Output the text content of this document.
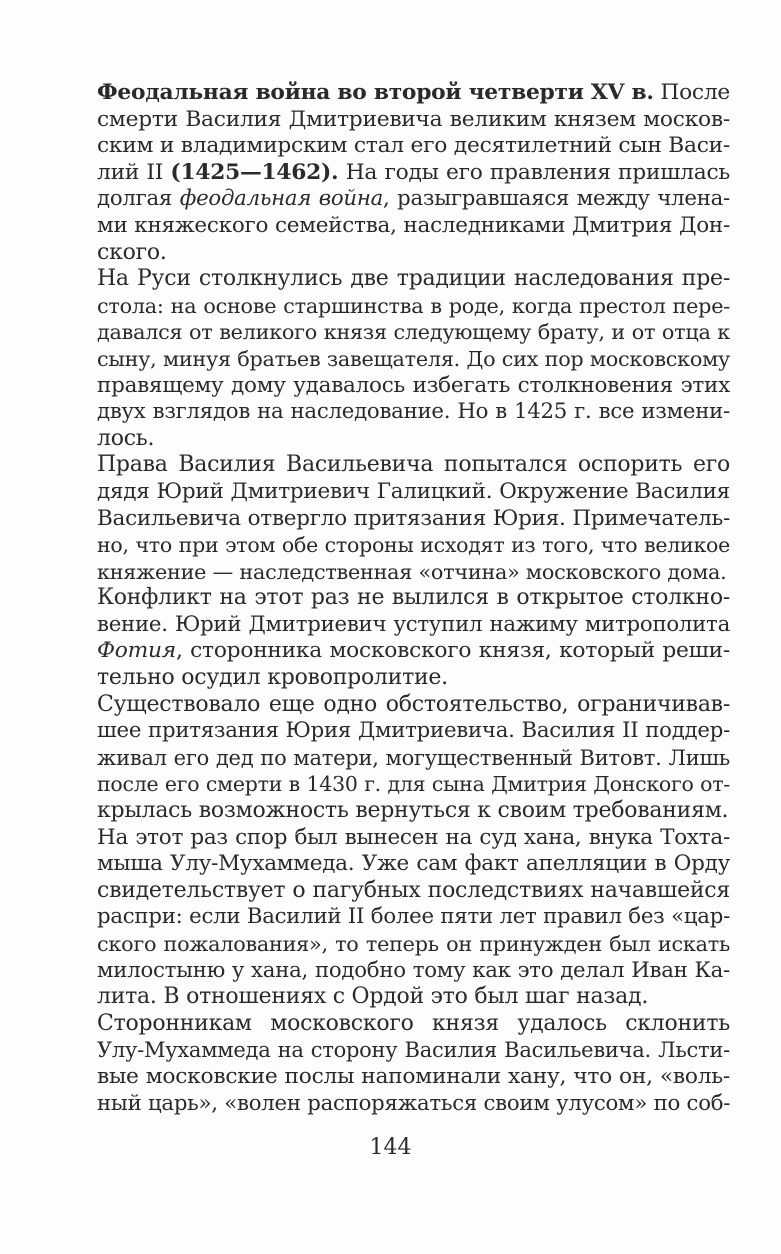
Феодальная война во второй четверти XV в. После
смерти Василия Дмитриевича великим князем москов-
ским и владимирским стал его десятилетний сын Васи-
лий II (1425—1462). На годы его правления пришлась
долгая феодальная война, разыгравшаяся между члена-
ми княжеского семейства, наследниками Дмитрия Дон-
ского.
На Руси столкнулись две традиции наследования пре-
стола: на основе старшинства в роде, когда престол пере-
давался от великого князя следующему брату, и от отца к
сыну, минуя братьев завещателя. До сих пор московскому
правящему дому удавалось избегать столкновения этих
двух взглядов на наследование. Но в 1425 г. все измени-
лось.
Права Василия Васильевича попытался оспорить его
дядя Юрий Дмитриевич Галицкий. Окружение Василия
Васильевича отвергло притязания Юрия. Примечатель-
но, что при этом обе стороны исходят из того, что великое
княжение — наследственная «отчина» московского дома.
Конфликт на этот раз не вылился в открытое столкно-
вение. Юрий Дмитриевич уступил нажиму митрополита
Фотия, сторонника московского князя, который реши-
тельно осудил кровопролитие.
Существовало еще одно обстоятельство, ограничивав-
шее притязания Юрия Дмитриевича. Василия II поддер-
живал его дед по матери, могущественный Витовт. Лишь
после его смерти в 1430 г. для сына Дмитрия Донского от-
крылась возможность вернуться к своим требованиям.
На этот раз спор был вынесен на суд хана, внука Тохта-
мыша Улу-Мухаммеда. Уже сам факт апелляции в Орду
свидетельствует о пагубных последствиях начавшейся
распри: если Василий II более пяти лет правил без «цар-
ского пожалования», то теперь он принужден был искать
милостыню у хана, подобно тому как это делал Иван Ка-
лита. В отношениях с Ордой это был шаг назад.
Сторонникам московского князя удалось склонить
Улу-Мухаммеда на сторону Василия Васильевича. Льсти-
вые московские послы напоминали хану, что он, «воль-
ный царь», «волен распоряжаться своим улусом» по соб-
144
